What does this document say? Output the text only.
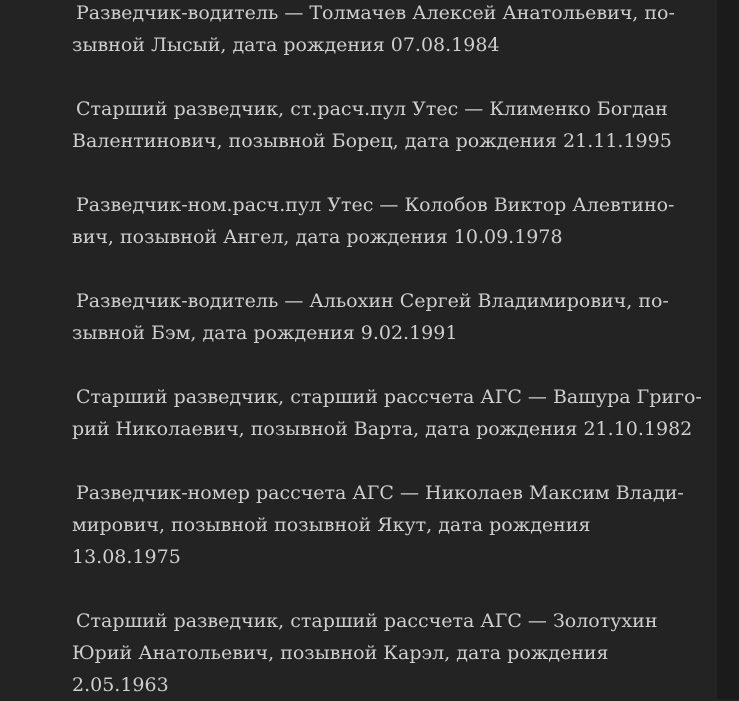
Разведчик-водитель — Толмачев Алексей Анатольевич, по-
зывной Лысый, дата рождения 07.08.1984

Старший разведчик, ст.расч.пул Утес — Клименко Богдан
Валентинович, позывной Борец, дата рождения 21.11.1995

Разведчик-ном.расч.пул Утес — Колобов Виктор Алевтино-
вич, позывной Ангел, дата рождения 10.09.1978

Разведчик-водитель — Альохин Сергей Владимирович, по-
зывной Бэм, дата рождения 9.02.1991

Старший разведчик, старший рассчета АГС — Вашура Григо-
рий Николаевич, позывной Варта, дата рождения 21.10.1982

Разведчик-номер рассчета АГС — Николаев Максим Влади-
мирович, позывной позывной Якут, дата рождения
13.08.1975

Старший разведчик, старший рассчета АГС — Золотухин
Юрий Анатольевич, позывной Карэл, дата рождения
2.05.1963
